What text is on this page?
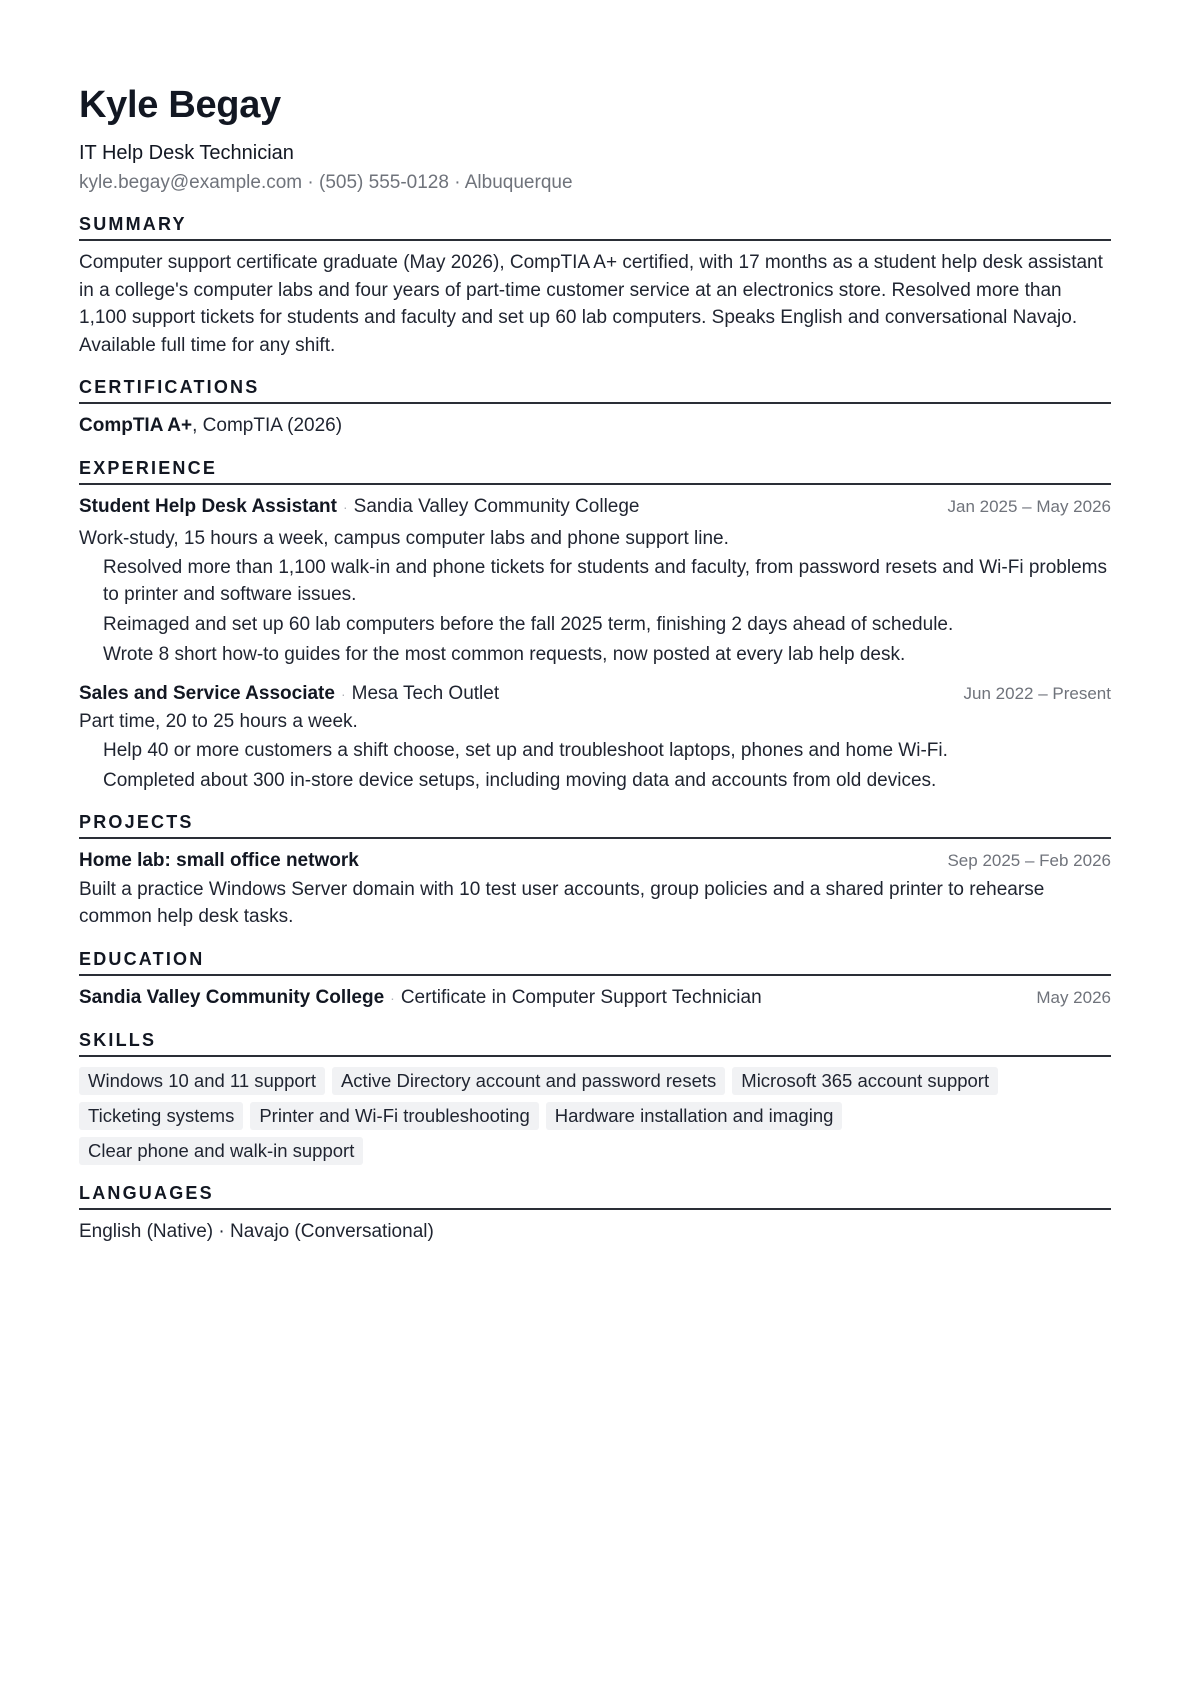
Kyle Begay
IT Help Desk Technician
kyle.begay@example.com · (505) 555-0128 · Albuquerque
SUMMARY
Computer support certificate graduate (May 2026), CompTIA A+ certified, with 17 months as a student help desk assistant in a college's computer labs and four years of part-time customer service at an electronics store. Resolved more than 1,100 support tickets for students and faculty and set up 60 lab computers. Speaks English and conversational Navajo. Available full time for any shift.
CERTIFICATIONS
CompTIA A+, CompTIA (2026)
EXPERIENCE
Student Help Desk Assistant · Sandia Valley Community College	Jan 2025 – May 2026
Work-study, 15 hours a week, campus computer labs and phone support line.
Resolved more than 1,100 walk-in and phone tickets for students and faculty, from password resets and Wi-Fi problems to printer and software issues.
Reimaged and set up 60 lab computers before the fall 2025 term, finishing 2 days ahead of schedule.
Wrote 8 short how-to guides for the most common requests, now posted at every lab help desk.
Sales and Service Associate · Mesa Tech Outlet	Jun 2022 – Present
Part time, 20 to 25 hours a week.
Help 40 or more customers a shift choose, set up and troubleshoot laptops, phones and home Wi-Fi.
Completed about 300 in-store device setups, including moving data and accounts from old devices.
PROJECTS
Home lab: small office network	Sep 2025 – Feb 2026
Built a practice Windows Server domain with 10 test user accounts, group policies and a shared printer to rehearse common help desk tasks.
EDUCATION
Sandia Valley Community College · Certificate in Computer Support Technician	May 2026
SKILLS
Windows 10 and 11 support	Active Directory account and password resets	Microsoft 365 account support
Ticketing systems	Printer and Wi-Fi troubleshooting	Hardware installation and imaging
Clear phone and walk-in support
LANGUAGES
English (Native) · Navajo (Conversational)
